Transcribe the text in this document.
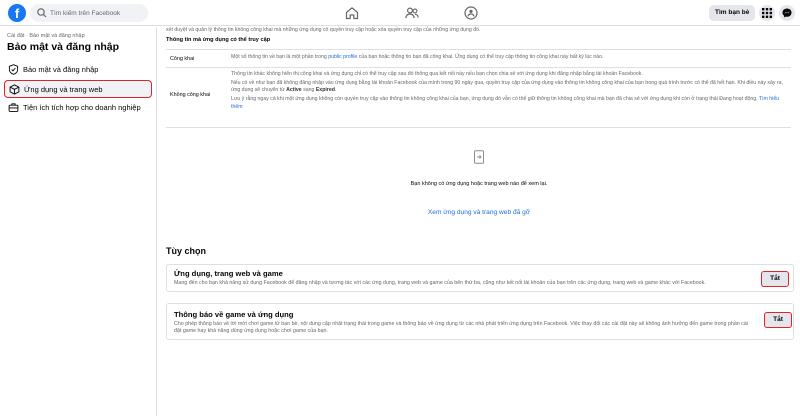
f
Tìm kiếm trên Facebook	Tìm bạn bè
Cài đặt · Bảo mật và đăng nhập
Bảo mật và đăng nhập
Bảo mật và đăng nhập
Ứng dụng và trang web
Tiện ích tích hợp cho doanh nghiệp
xét duyệt và quản lý thông tin không công khai mà những ứng dụng có quyền truy cập hoặc xóa quyền truy cập của những ứng dụng đó.
Thông tin mà ứng dụng có thể truy cập
Công khai	Một số thông tin về bạn là một phần trong public profile của bạn hoặc thông tin bạn đã công khai. Ứng dụng có thể truy cập thông tin công khai này bất kỳ lúc nào.
Không công khai

Thông tin khác không hiển thị công khai và ứng dụng chỉ có thể truy cập sau đó thông qua kết nối này nếu bạn chọn chia sẻ với ứng dụng khi đăng nhập bằng tài khoản Facebook.

Nếu có về như bạn đã không đăng nhập vào ứng dụng bằng tài khoản Facebook của mình trong 90 ngày qua, quyền truy cập của ứng dụng vào thông tin không công khai của bạn trong quá trình trước có thể đã hết hạn. Khi điều này xảy ra, ứng dụng sẽ chuyển từ Active sang Expired.

Lưu ý rằng ngay cả khi một ứng dụng không còn quyền truy cập vào thông tin không công khai của bạn, ứng dụng đó vẫn có thể giữ thông tin không công khai mà bạn đã chia sẻ với ứng dụng khi còn ở trạng thái Đang hoạt động. Tìm hiểu thêm

Bạn không có ứng dụng hoặc trang web nào để xem lại.
Xem ứng dụng và trang web đã gỡ
Tùy chọn
Ứng dụng, trang web và game
Mang đến cho bạn khả năng sử dụng Facebook để đăng nhập và tương tác với các ứng dụng, trang web và game của bên thứ ba, cũng như kết nối tài khoản của bạn trên các ứng dụng, trang web và game khác với Facebook.
Tắt
Thông báo về game và ứng dụng
Cho phép thông báo về lời mời chơi game từ bạn bè, nội dung cập nhật trạng thái trong game và thông báo về ứng dụng từ các nhà phát triển ứng dụng trên Facebook. Việc thay đổi các cài đặt này sẽ không ảnh hưởng đến game trong phần cài đặt game hay khả năng dùng ứng dụng hoặc chơi game của bạn.
Tắt
